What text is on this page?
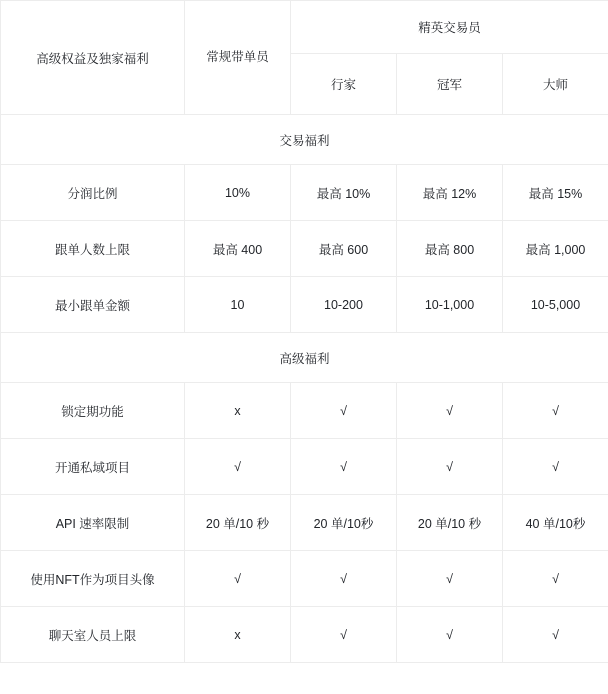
高级权益及独家福利	常规带单员	精英交易员		
		行家	冠军	大师
交易福利				
分润比例	10%	最高 10%	最高 12%	最高 15%
跟单人数上限	最高 400	最高 600	最高 800	最高 1,000
最小跟单金额	10	10-200	10-1,000	10-5,000
高级福利				
锁定期功能	x	√	√	√
开通私域项目	√	√	√	√
API 速率限制	20 单/10 秒	20 单/10秒	20 单/10 秒	40 单/10秒
使用NFT作为项目头像	√	√	√	√
聊天室人员上限	x	√	√	√
